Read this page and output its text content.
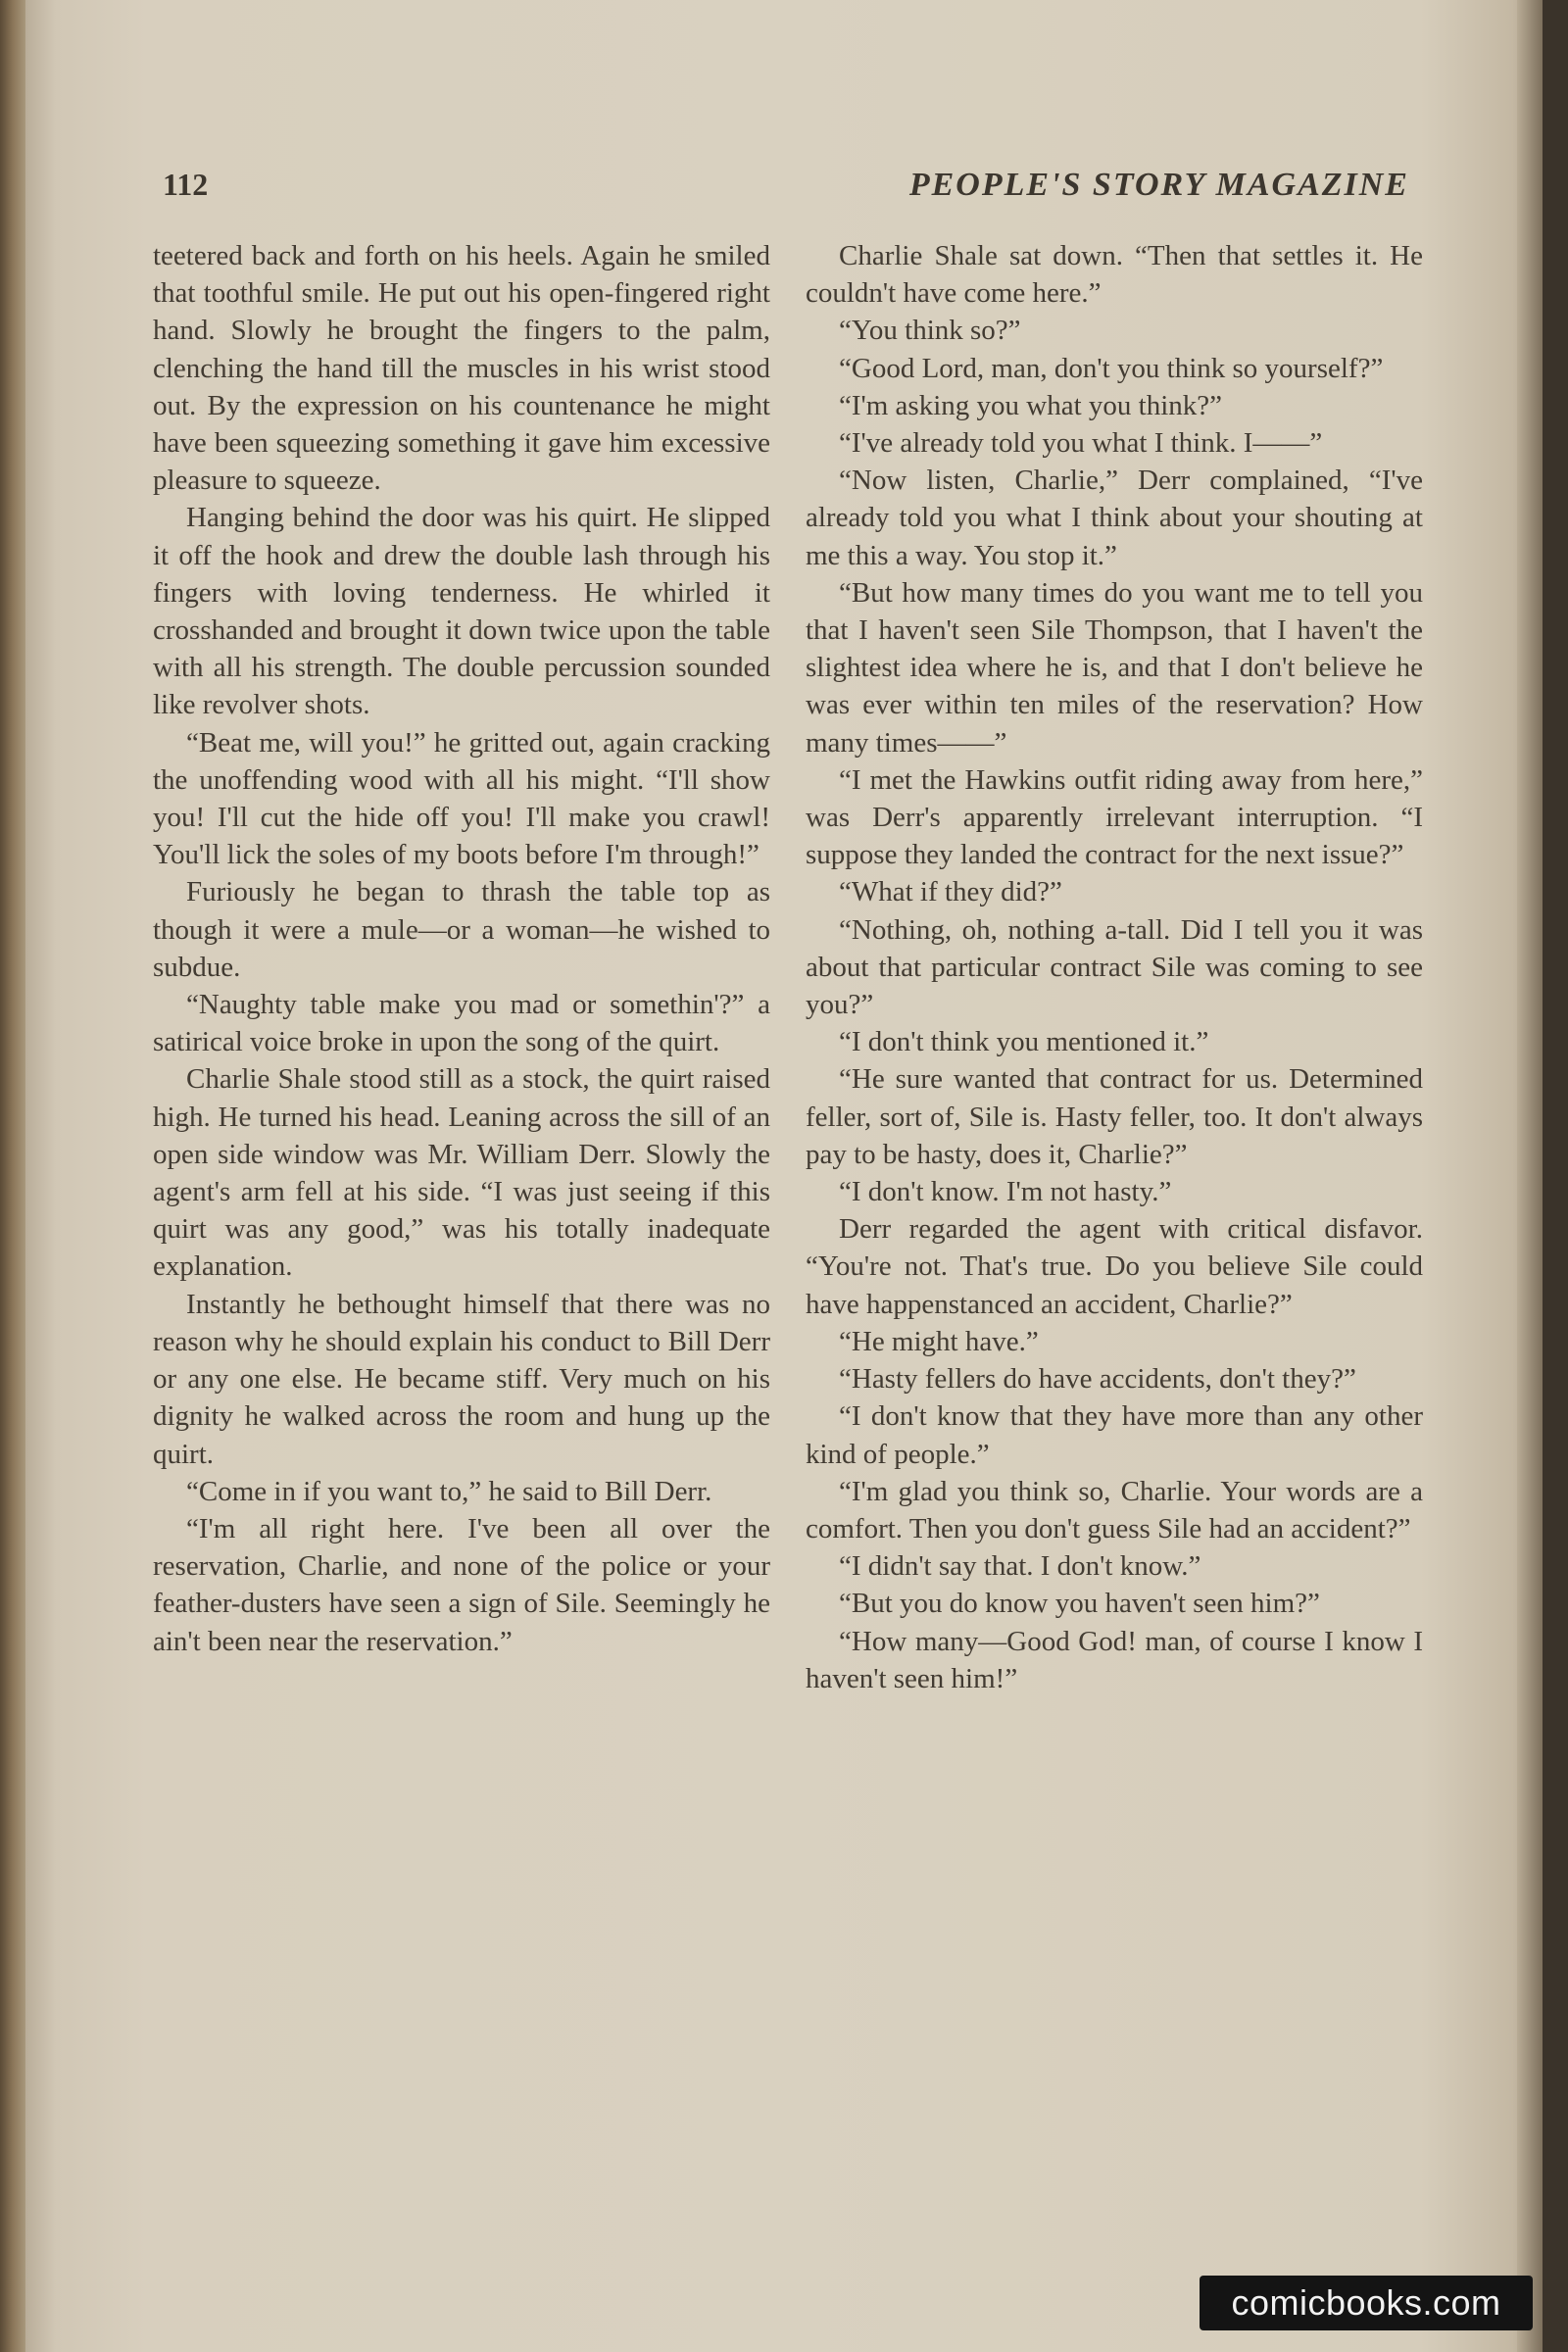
112	PEOPLE'S STORY MAGAZINE

teetered back and forth on his heels. Again he smiled that toothful smile. He put out his open-fingered right hand. Slowly he brought the fingers to the palm, clenching the hand till the muscles in his wrist stood out. By the expression on his countenance he might have been squeezing something it gave him excessive pleasure to squeeze.

Hanging behind the door was his quirt. He slipped it off the hook and drew the double lash through his fingers with loving tenderness. He whirled it crosshanded and brought it down twice upon the table with all his strength. The double percussion sounded like revolver shots.

“Beat me, will you!” he gritted out, again cracking the unoffending wood with all his might. “I'll show you! I'll cut the hide off you! I'll make you crawl! You'll lick the soles of my boots before I'm through!”

Furiously he began to thrash the table top as though it were a mule—or a woman—he wished to subdue.

“Naughty table make you mad or somethin'?” a satirical voice broke in upon the song of the quirt.

Charlie Shale stood still as a stock, the quirt raised high. He turned his head. Leaning across the sill of an open side window was Mr. William Derr. Slowly the agent's arm fell at his side. “I was just seeing if this quirt was any good,” was his totally inadequate explanation.

Instantly he bethought himself that there was no reason why he should explain his conduct to Bill Derr or any one else. He became stiff. Very much on his dignity he walked across the room and hung up the quirt.

“Come in if you want to,” he said to Bill Derr.

“I'm all right here. I've been all over the reservation, Charlie, and none of the police or your feather-dusters have seen a sign of Sile. Seemingly he ain't been near the reservation.”

Charlie Shale sat down. “Then that settles it. He couldn't have come here.”

“You think so?”

“Good Lord, man, don't you think so yourself?”

“I'm asking you what you think?”

“I've already told you what I think. I——”

“Now listen, Charlie,” Derr complained, “I've already told you what I think about your shouting at me this a way. You stop it.”

“But how many times do you want me to tell you that I haven't seen Sile Thompson, that I haven't the slightest idea where he is, and that I don't believe he was ever within ten miles of the reservation? How many times——”

“I met the Hawkins outfit riding away from here,” was Derr's apparently irrelevant interruption. “I suppose they landed the contract for the next issue?”

“What if they did?”

“Nothing, oh, nothing a-tall. Did I tell you it was about that particular contract Sile was coming to see you?”

“I don't think you mentioned it.”

“He sure wanted that contract for us. Determined feller, sort of, Sile is. Hasty feller, too. It don't always pay to be hasty, does it, Charlie?”

“I don't know. I'm not hasty.”

Derr regarded the agent with critical disfavor. “You're not. That's true. Do you believe Sile could have happenstanced an accident, Charlie?”

“He might have.”

“Hasty fellers do have accidents, don't they?”

“I don't know that they have more than any other kind of people.”

“I'm glad you think so, Charlie. Your words are a comfort. Then you don't guess Sile had an accident?”

“I didn't say that. I don't know.”

“But you do know you haven't seen him?”

“How many—Good God! man, of course I know I haven't seen him!”

comicbooks.com
